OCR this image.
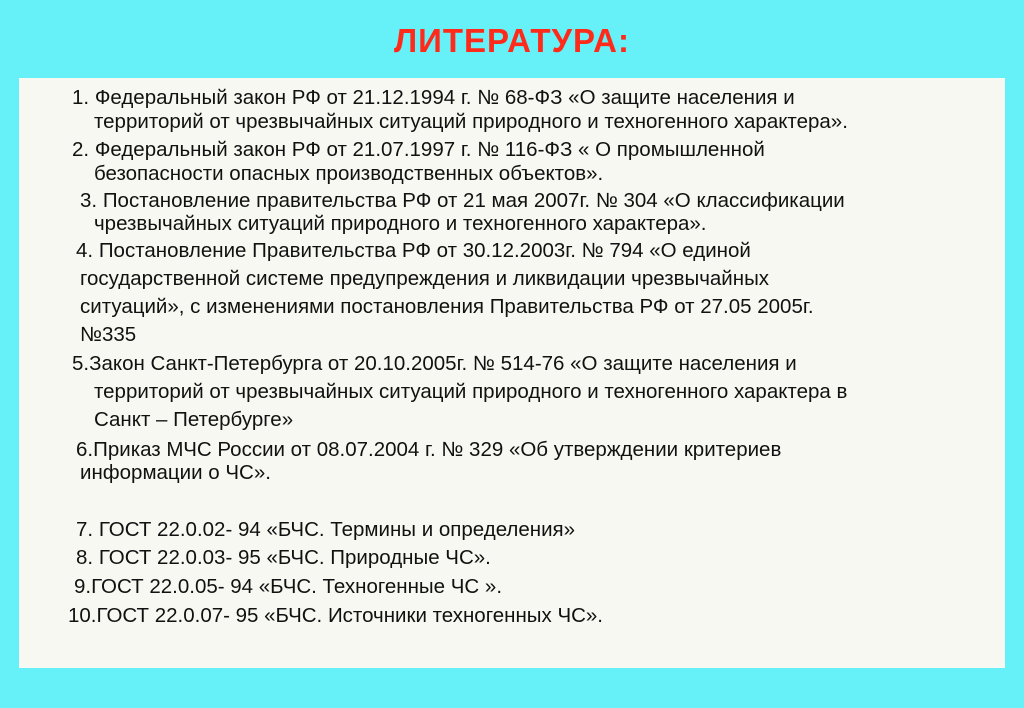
ЛИТЕРАТУРА:
1. Федеральный закон РФ от 21.12.1994 г. № 68-ФЗ «О защите населения и
территорий от чрезвычайных ситуаций природного и техногенного характера».
2. Федеральный закон РФ от 21.07.1997 г. № 116-ФЗ « О промышленной
безопасности опасных производственных объектов».
3. Постановление правительства РФ от 21 мая 2007г. № 304 «О классификации
чрезвычайных ситуаций природного и техногенного характера».
4. Постановление Правительства РФ от 30.12.2003г. № 794 «О единой
государственной системе предупреждения и ликвидации чрезвычайных
ситуаций», с изменениями постановления Правительства РФ от 27.05 2005г.
№335
5.Закон Санкт-Петербурга от 20.10.2005г. № 514-76 «О защите населения и
территорий от чрезвычайных ситуаций природного и техногенного характера в
Санкт – Петербурге»
6.Приказ МЧС России от 08.07.2004 г. № 329 «Об утверждении критериев
информации о ЧС».
7. ГОСТ 22.0.02- 94 «БЧС. Термины и определения»
8. ГОСТ 22.0.03- 95 «БЧС. Природные ЧС».
9.ГОСТ 22.0.05- 94 «БЧС. Техногенные ЧС ».
10.ГОСТ 22.0.07- 95 «БЧС. Источники техногенных ЧС».
